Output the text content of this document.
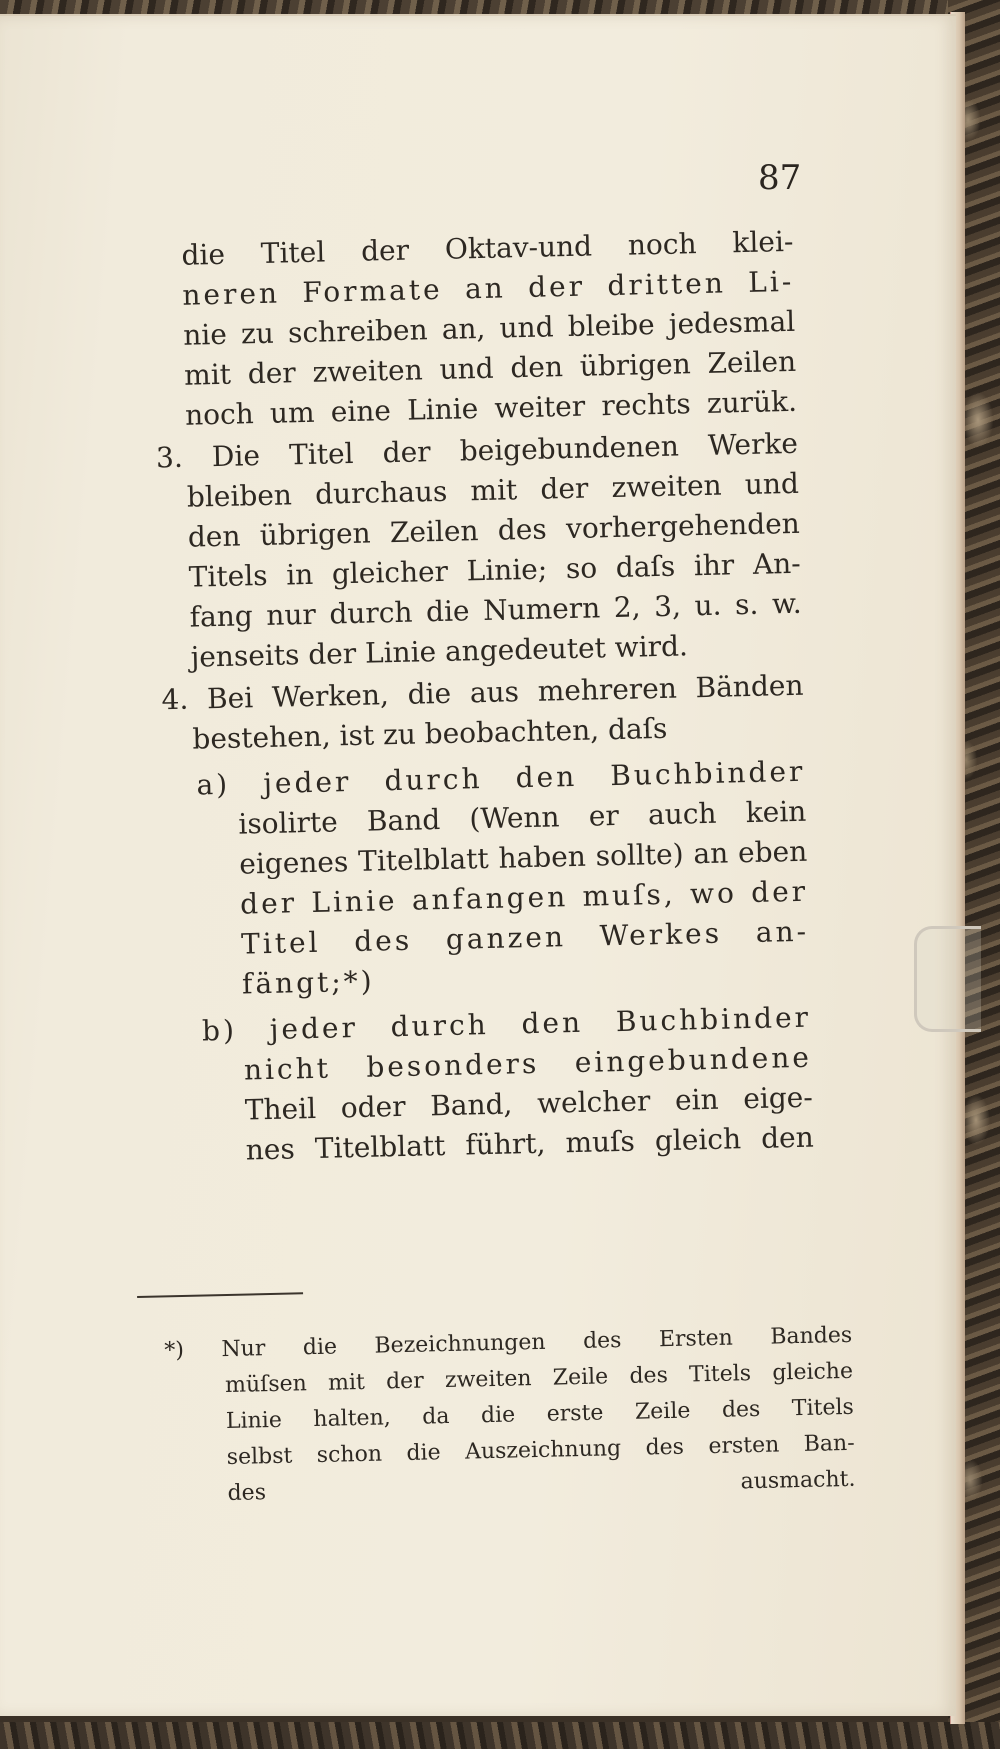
87
die Titel der Oktav-und noch klei-
neren Formate an der dritten Li-
nie zu schreiben an, und bleibe jedesmal
mit der zweiten und den übrigen Zeilen
noch um eine Linie weiter rechts zurük.
3. Die Titel der beigebundenen Werke
bleiben durchaus mit der zweiten und
den übrigen Zeilen des vorhergehenden
Titels in gleicher Linie; so daſs ihr An-
fang nur durch die Numern 2, 3, u. s. w.
jenseits der Linie angedeutet wird.
4. Bei Werken, die aus mehreren Bänden
bestehen, ist zu beobachten, daſs
a) jeder durch den Buchbinder
isolirte Band (Wenn er auch kein
eigenes Titelblatt haben sollte) an eben
der Linie anfangen muſs, wo der
Titel des ganzen Werkes an-
fängt;*)
b) jeder durch den Buchbinder
nicht besonders eingebundene
Theil oder Band, welcher ein eige-
nes Titelblatt führt, muſs gleich den
*) Nur die Bezeichnungen des Ersten Bandes
müſsen mit der zweiten Zeile des Titels gleiche
Linie halten, da die erste Zeile des Titels
selbst schon die Auszeichnung des ersten Ban-
des ausmacht.
